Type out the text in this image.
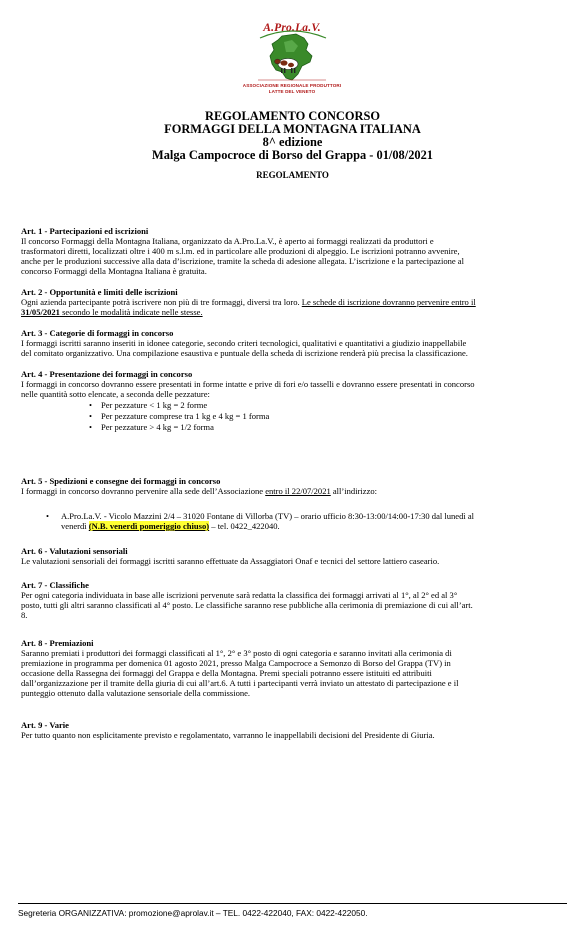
A.Pro.La.V.
ASSOCIAZIONE REGIONALE PRODUTTORI
LATTE DEL VENETO
REGOLAMENTO CONCORSO
FORMAGGI DELLA MONTAGNA ITALIANA
8^ edizione
Malga Campocroce di Borso del Grappa - 01/08/2021
REGOLAMENTO
Art. 1 - Partecipazioni ed iscrizioni
Il concorso Formaggi della Montagna Italiana, organizzato da A.Pro.La.V., è aperto ai formaggi realizzati da produttori e
trasformatori diretti, localizzati oltre i 400 m s.l.m. ed in particolare alle produzioni di alpeggio. Le iscrizioni potranno avvenire,
anche per le produzioni successive alla data d’iscrizione, tramite la scheda di adesione allegata. L’iscrizione e la partecipazione al
concorso Formaggi della Montagna Italiana è gratuita.
Art. 2 - Opportunità e limiti delle iscrizioni
Ogni azienda partecipante potrà iscrivere non più di tre formaggi, diversi tra loro. Le schede di iscrizione dovranno pervenire entro il
31/05/2021 secondo le modalità indicate nelle stesse.
Art. 3 - Categorie di formaggi in concorso
I formaggi iscritti saranno inseriti in idonee categorie, secondo criteri tecnologici, qualitativi e quantitativi a giudizio inappellabile
del comitato organizzativo. Una compilazione esaustiva e puntuale della scheda di iscrizione renderà più precisa la classificazione.
Art. 4 - Presentazione dei formaggi in concorso
I formaggi in concorso dovranno essere presentati in forme intatte e prive di fori e/o tasselli e dovranno essere presentati in concorso
nelle quantità sotto elencate, a seconda delle pezzature:
• Per pezzature < 1 kg = 2 forme
• Per pezzature comprese tra 1 kg e 4 kg = 1 forma
• Per pezzature > 4 kg = 1/2 forma
Art. 5 - Spedizioni e consegne dei formaggi in concorso
I formaggi in concorso dovranno pervenire alla sede dell’Associazione entro il 22/07/2021 all’indirizzo:
• A.Pro.La.V. - Vicolo Mazzini 2/4 – 31020 Fontane di Villorba (TV) – orario ufficio 8:30-13:00/14:00-17:30 dal lunedì al
venerdì (N.B. venerdì pomeriggio chiuso) – tel. 0422_422040.
Art. 6 - Valutazioni sensoriali
Le valutazioni sensoriali dei formaggi iscritti saranno effettuate da Assaggiatori Onaf e tecnici del settore lattiero caseario.
Art. 7 - Classifiche
Per ogni categoria individuata in base alle iscrizioni pervenute sarà redatta la classifica dei formaggi arrivati al 1°, al 2° ed al 3°
posto, tutti gli altri saranno classificati al 4° posto. Le classifiche saranno rese pubbliche alla cerimonia di premiazione di cui all’art.
8.
Art. 8 - Premiazioni
Saranno premiati i produttori dei formaggi classificati al 1°, 2° e 3° posto di ogni categoria e saranno invitati alla cerimonia di
premiazione in programma per domenica 01 agosto 2021, presso Malga Campocroce a Semonzo di Borso del Grappa (TV) in
occasione della Rassegna dei formaggi del Grappa e della Montagna. Premi speciali potranno essere istituiti ed attribuiti
dall’organizzazione per il tramite della giuria di cui all’art.6. A tutti i partecipanti verrà inviato un attestato di partecipazione e il
punteggio ottenuto dalla valutazione sensoriale della commissione.
Art. 9 - Varie
Per tutto quanto non esplicitamente previsto e regolamentato, varranno le inappellabili decisioni del Presidente di Giuria.
Segreteria ORGANIZZATIVA: promozione@aprolav.it – TEL. 0422-422040, FAX: 0422-422050.
